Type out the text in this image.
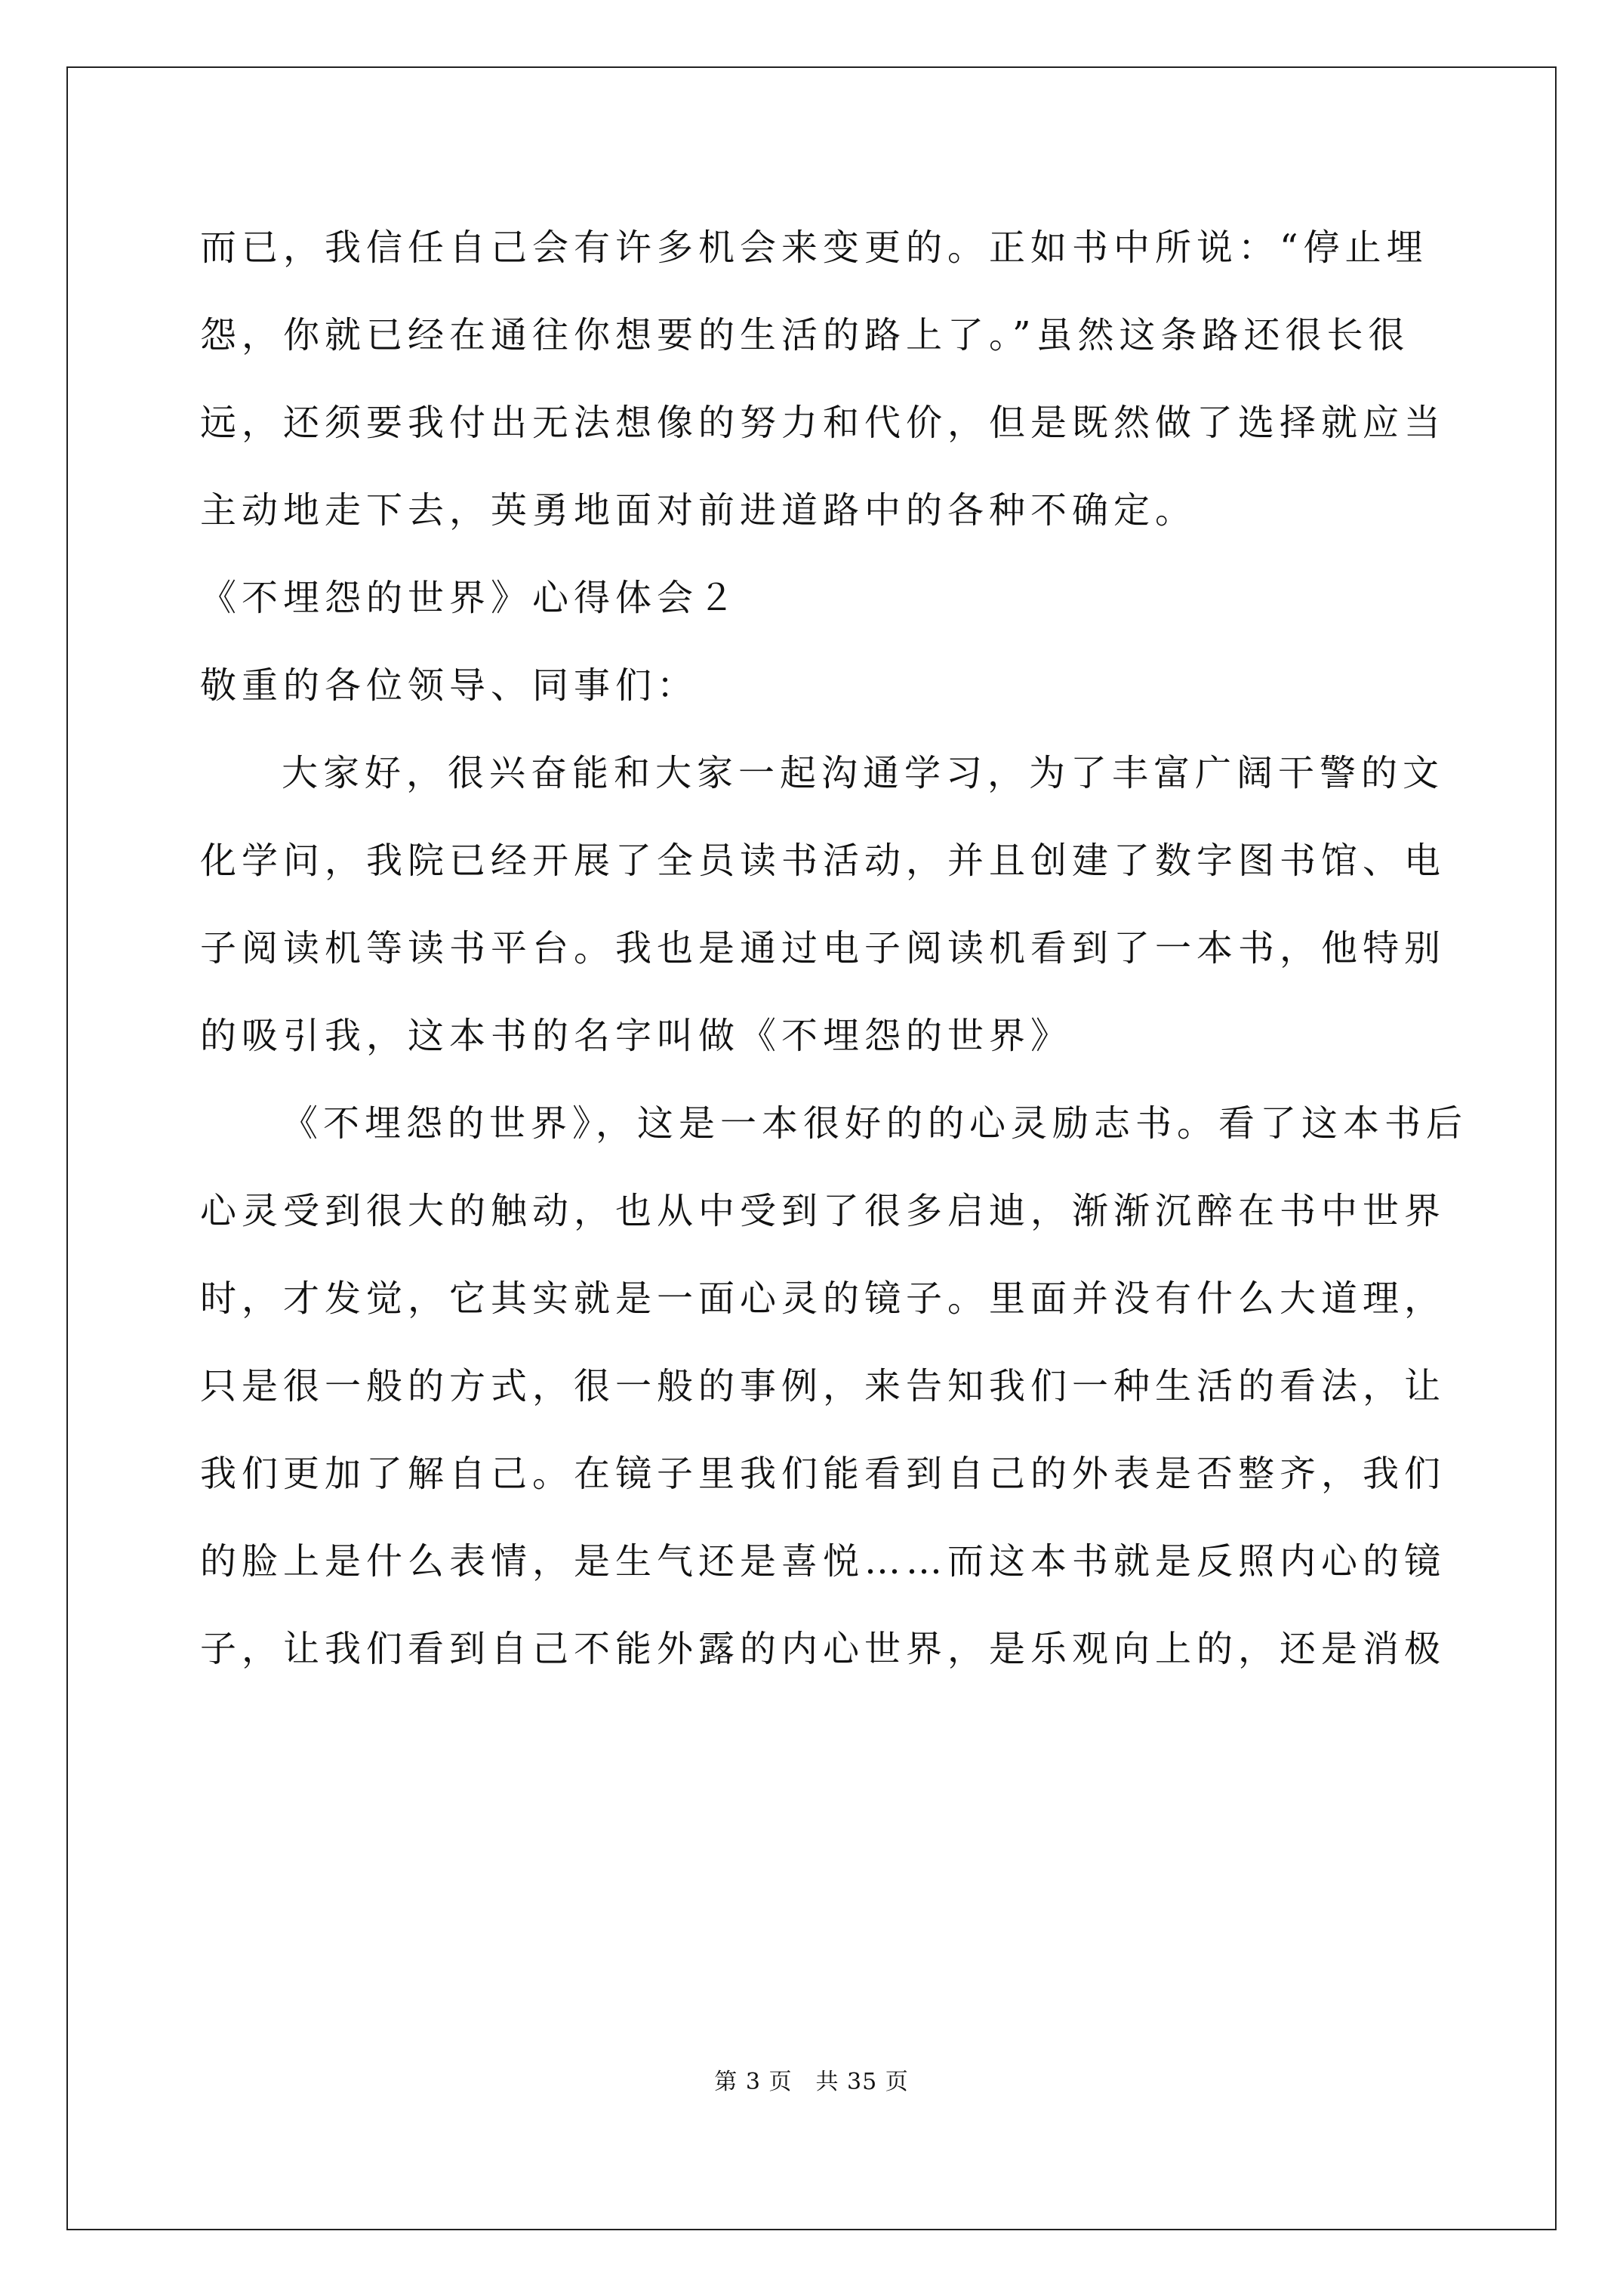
而已，我信任自己会有许多机会来变更的。正如书中所说：“停止埋
怨，你就已经在通往你想要的生活的路上了。”虽然这条路还很长很
远，还须要我付出无法想像的努力和代价，但是既然做了选择就应当
主动地走下去，英勇地面对前进道路中的各种不确定。
《不埋怨的世界》心得体会２
敬重的各位领导、同事们：
大家好，很兴奋能和大家一起沟通学习，为了丰富广阔干警的文
化学问，我院已经开展了全员读书活动，并且创建了数字图书馆、电
子阅读机等读书平台。我也是通过电子阅读机看到了一本书，他特别
的吸引我，这本书的名字叫做《不埋怨的世界》
《不埋怨的世界》，这是一本很好的的心灵励志书。看了这本书后
心灵受到很大的触动，也从中受到了很多启迪，渐渐沉醉在书中世界
时，才发觉，它其实就是一面心灵的镜子。里面并没有什么大道理，
只是很一般的方式，很一般的事例，来告知我们一种生活的看法，让
我们更加了解自己。在镜子里我们能看到自己的外表是否整齐，我们
的脸上是什么表情，是生气还是喜悦……而这本书就是反照内心的镜
子，让我们看到自己不能外露的内心世界，是乐观向上的，还是消极
第 3 页　共 35 页
